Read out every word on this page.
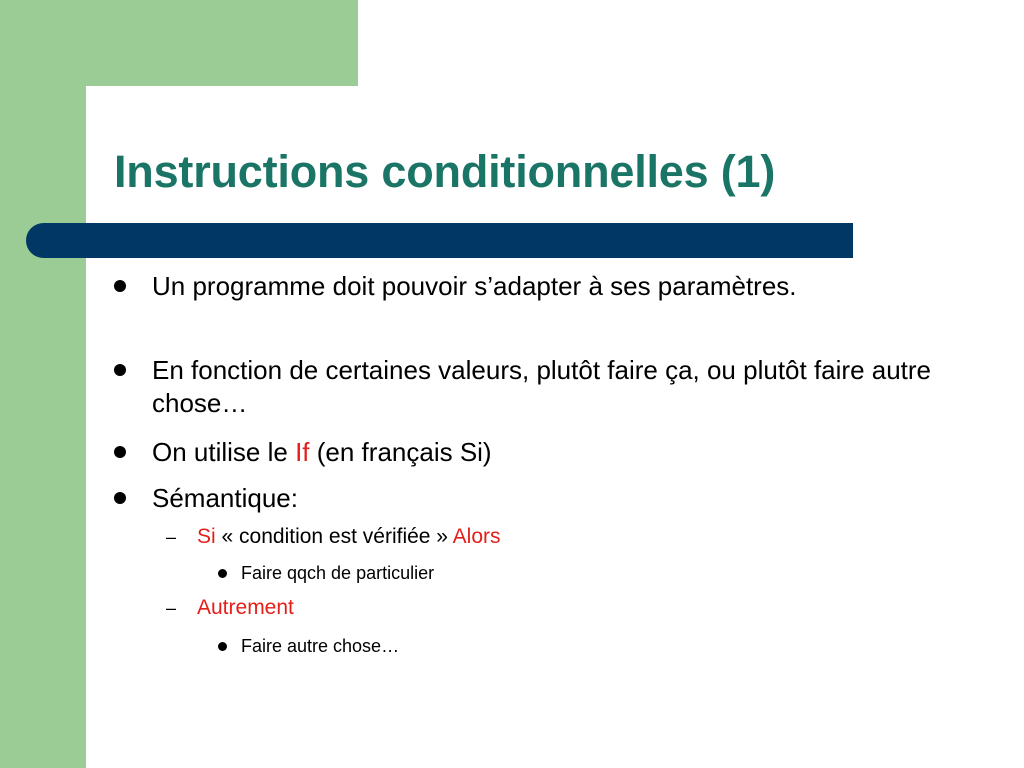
Instructions conditionnelles (1)
Un programme doit pouvoir s’adapter à ses paramètres.
En fonction de certaines valeurs, plutôt faire ça, ou plutôt faire autre chose…
On utilise le If (en français Si)
Sémantique:
– Si « condition est vérifiée » Alors
Faire qqch de particulier
– Autrement
Faire autre chose…
